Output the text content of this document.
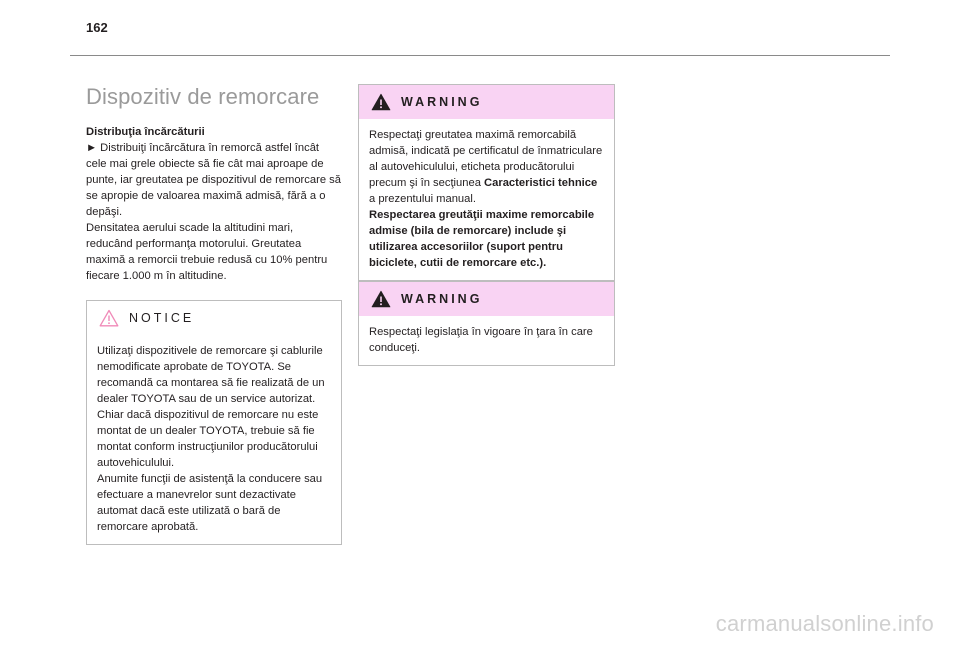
162
Dispozitiv de remorcare

Distribuţia încărcăturii

► Distribuiţi încărcătura în remorcă astfel încât cele mai grele obiecte să fie cât mai aproape de punte, iar greutatea pe dispozitivul de remorcare să se apropie de valoarea maximă admisă, fără a o depăşi.

Densitatea aerului scade la altitudini mari, reducând performanţa motorului. Greutatea maximă a remorcii trebuie redusă cu 10% pentru fiecare 1.000 m în altitudine.

NOTICE

Utilizaţi dispozitivele de remorcare şi cablurile nemodificate aprobate de TOYOTA. Se recomandă ca montarea să fie realizată de un dealer TOYOTA sau de un service autorizat. Chiar dacă dispozitivul de remorcare nu este montat de un dealer TOYOTA, trebuie să fie montat conform instrucţiunilor producătorului autovehiculului.

Anumite funcţii de asistenţă la conducere sau efectuare a manevrelor sunt dezactivate automat dacă este utilizată o bară de remorcare aprobată.

WARNING

Respectaţi greutatea maximă remorcabilă admisă, indicată pe certificatul de înmatriculare al autovehiculului, eticheta producătorului precum şi în secţiunea Caracteristici tehnice a prezentului manual.

Respectarea greutăţii maxime remorcabile admise (bila de remorcare) include şi utilizarea accesoriilor (suport pentru biciclete, cutii de remorcare etc.).

WARNING

Respectaţi legislaţia în vigoare în ţara în care conduceţi.

carmanualsonline.info
